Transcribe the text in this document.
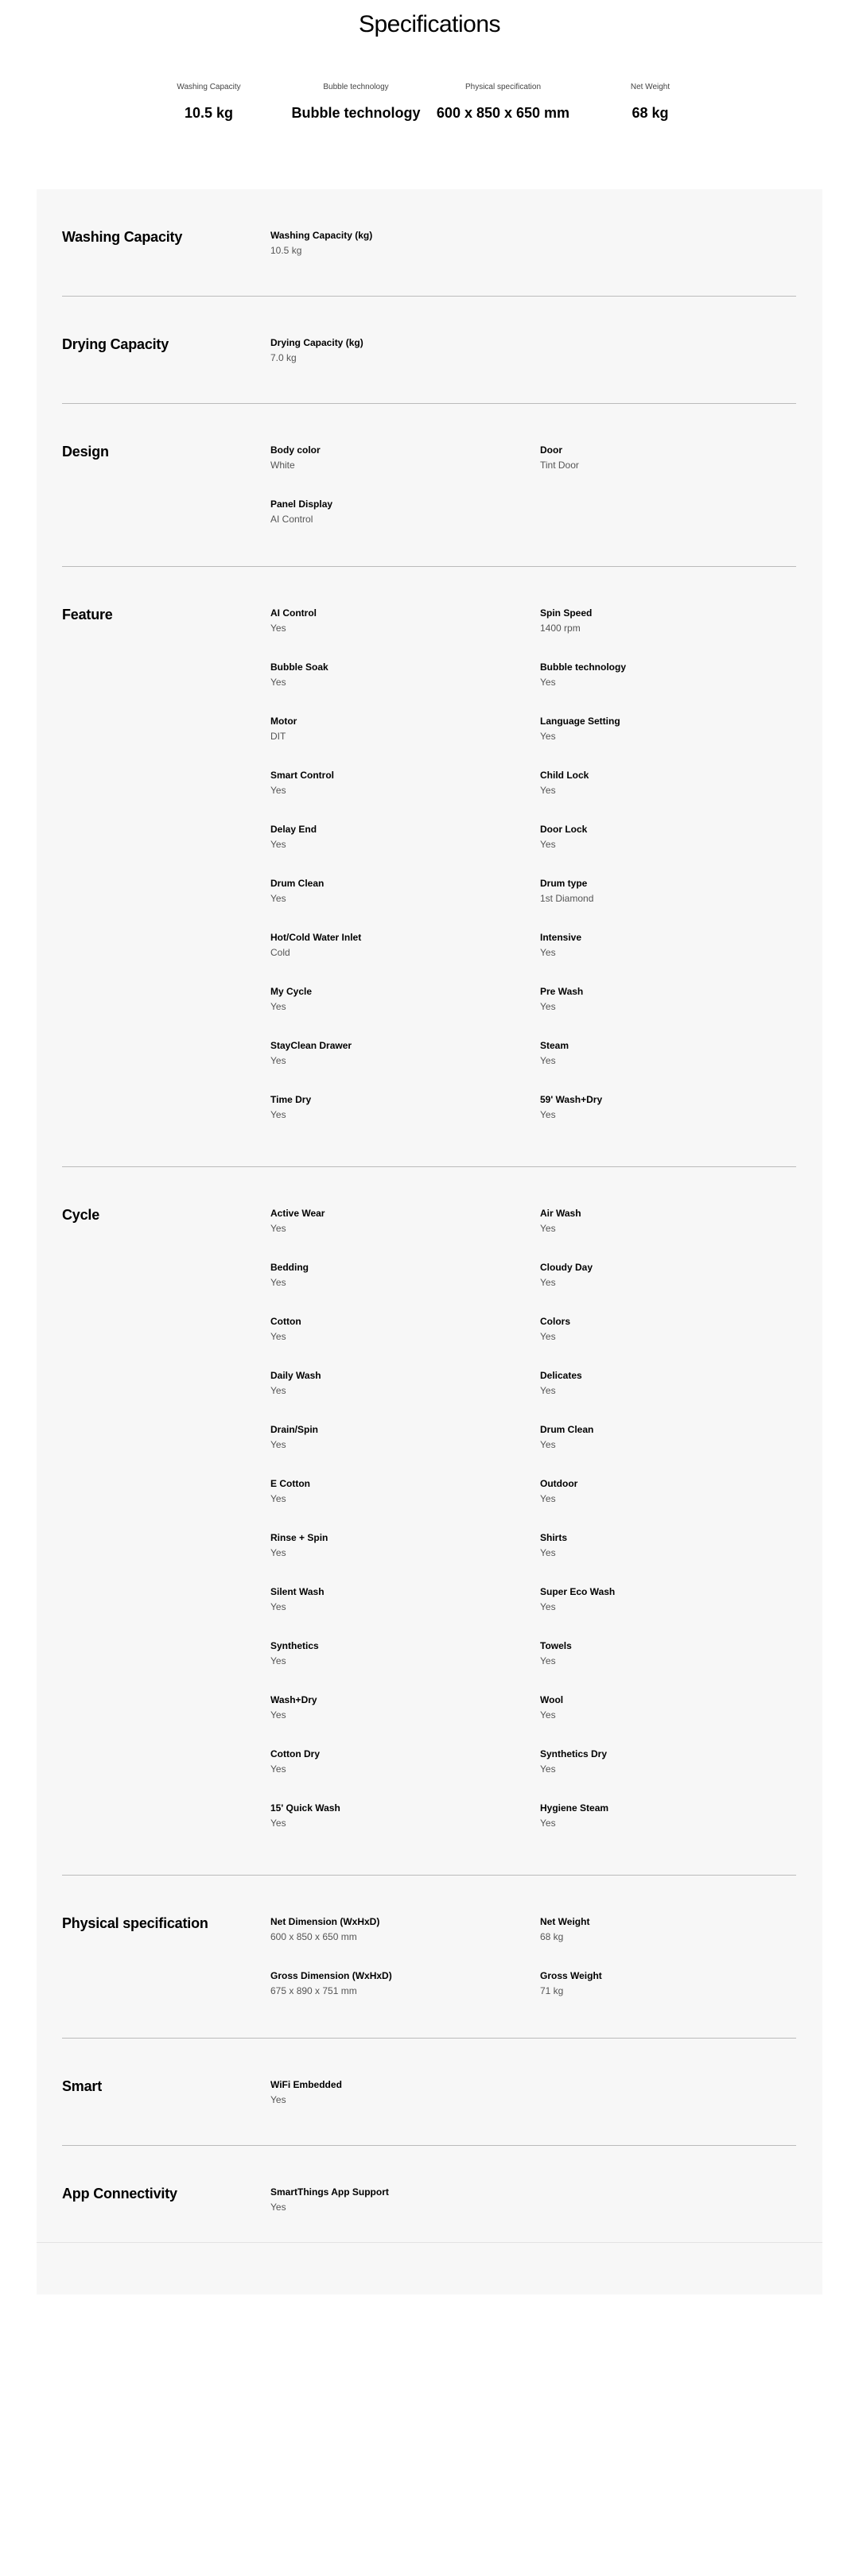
Specifications
Washing Capacity
10.5 kg
Bubble technology
Bubble technology
Physical specification
600 x 850 x 650 mm
Net Weight
68 kg
Washing Capacity	Washing Capacity (kg)
10.5 kg
Drying Capacity	Drying Capacity (kg)
7.0 kg
Design	Body color
White
Door
Tint Door
Panel Display
AI Control
Feature	AI Control
Yes
Spin Speed
1400 rpm
Bubble Soak
Yes
Bubble technology
Yes
Motor
DIT
Language Setting
Yes
Smart Control
Yes
Child Lock
Yes
Delay End
Yes
Door Lock
Yes
Drum Clean
Yes
Drum type
1st Diamond
Hot/Cold Water Inlet
Cold
Intensive
Yes
My Cycle
Yes
Pre Wash
Yes
StayClean Drawer
Yes
Steam
Yes
Time Dry
Yes
59' Wash+Dry
Yes
Cycle	Active Wear
Yes
Air Wash
Yes
Bedding
Yes
Cloudy Day
Yes
Cotton
Yes
Colors
Yes
Daily Wash
Yes
Delicates
Yes
Drain/Spin
Yes
Drum Clean
Yes
E Cotton
Yes
Outdoor
Yes
Rinse + Spin
Yes
Shirts
Yes
Silent Wash
Yes
Super Eco Wash
Yes
Synthetics
Yes
Towels
Yes
Wash+Dry
Yes
Wool
Yes
Cotton Dry
Yes
Synthetics Dry
Yes
15' Quick Wash
Yes
Hygiene Steam
Yes
Physical specification	Net Dimension (WxHxD)
600 x 850 x 650 mm
Net Weight
68 kg
Gross Dimension (WxHxD)
675 x 890 x 751 mm
Gross Weight
71 kg
Smart	WiFi Embedded
Yes
App Connectivity	SmartThings App Support
Yes
